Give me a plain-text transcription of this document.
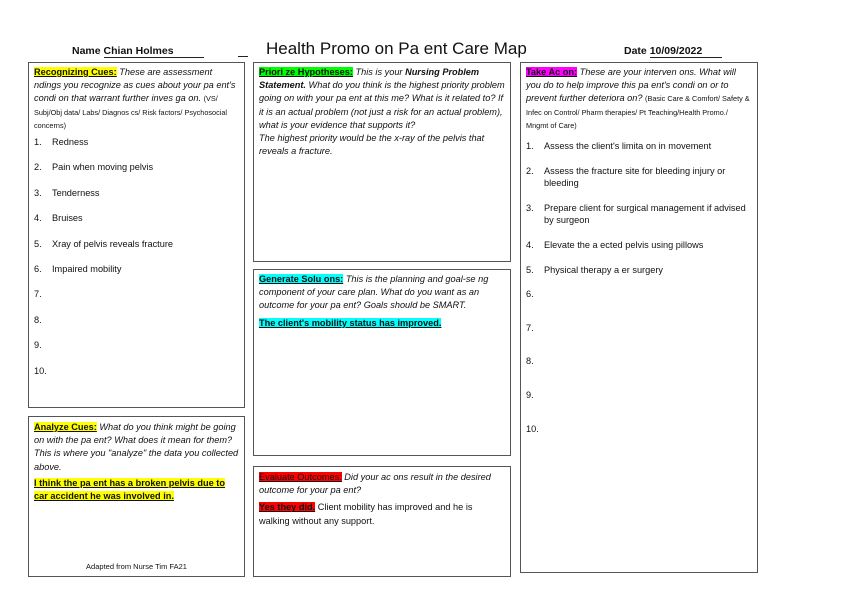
Name Chian Holmes	Health Promo on Pa ent Care Map	Date 10/09/2022
Recognizing Cues: These are assessment ndings you recognize as cues about your pa ent's condi on that warrant further inves ga on. (VS/ Subj/Obj data/ Labs/ Diagnos cs/ Risk factors/ Psychosocial concerns)
1.	Redness
2.	Pain when moving pelvis
3.	Tenderness
4.	Bruises
5.	Xray of pelvis reveals fracture
6.	Impaired mobility
7.
8.
9.
10.
Analyze Cues: What do you think might be going on with the pa ent? What does it mean for them? This is where you "analyze" the data you collected above.
I think the pa ent has a broken pelvis due to car accident he was involved in.
Adapted from Nurse Tim FA21
Priori ze Hypotheses: This is your Nursing Problem Statement. What do you think is the highest priority problem going on with your pa ent at this me? What is it related to? If it is an actual problem (not just a risk for an actual problem), what is your evidence that supports it?
The highest priority would be the x-ray of the pelvis that reveals a fracture.
Generate Solu ons: This is the planning and goal-se ng component of your care plan. What do you want as an outcome for your pa ent? Goals should be SMART.
The client's mobility status has improved.
Evaluate Outcomes: Did your ac ons result in the desired outcome for your pa ent?
Yes they did. Client mobility has improved and he is walking without any support.
Take Ac on: These are your interven ons. What will you do to help improve this pa ent's condi on or to prevent further deteriora on? (Basic Care & Comfort/ Safety & Infec on Control/ Pharm therapies/ Pt Teaching/Health Promo./ Mngmt of Care)
1.	Assess the client's limita on in movement
2.	Assess the fracture site for bleeding injury or bleeding
3.	Prepare client for surgical management if advised by surgeon
4.	Elevate the a ected pelvis using pillows
5.	Physical therapy a er surgery
6.
7.
8.
9.
10.
